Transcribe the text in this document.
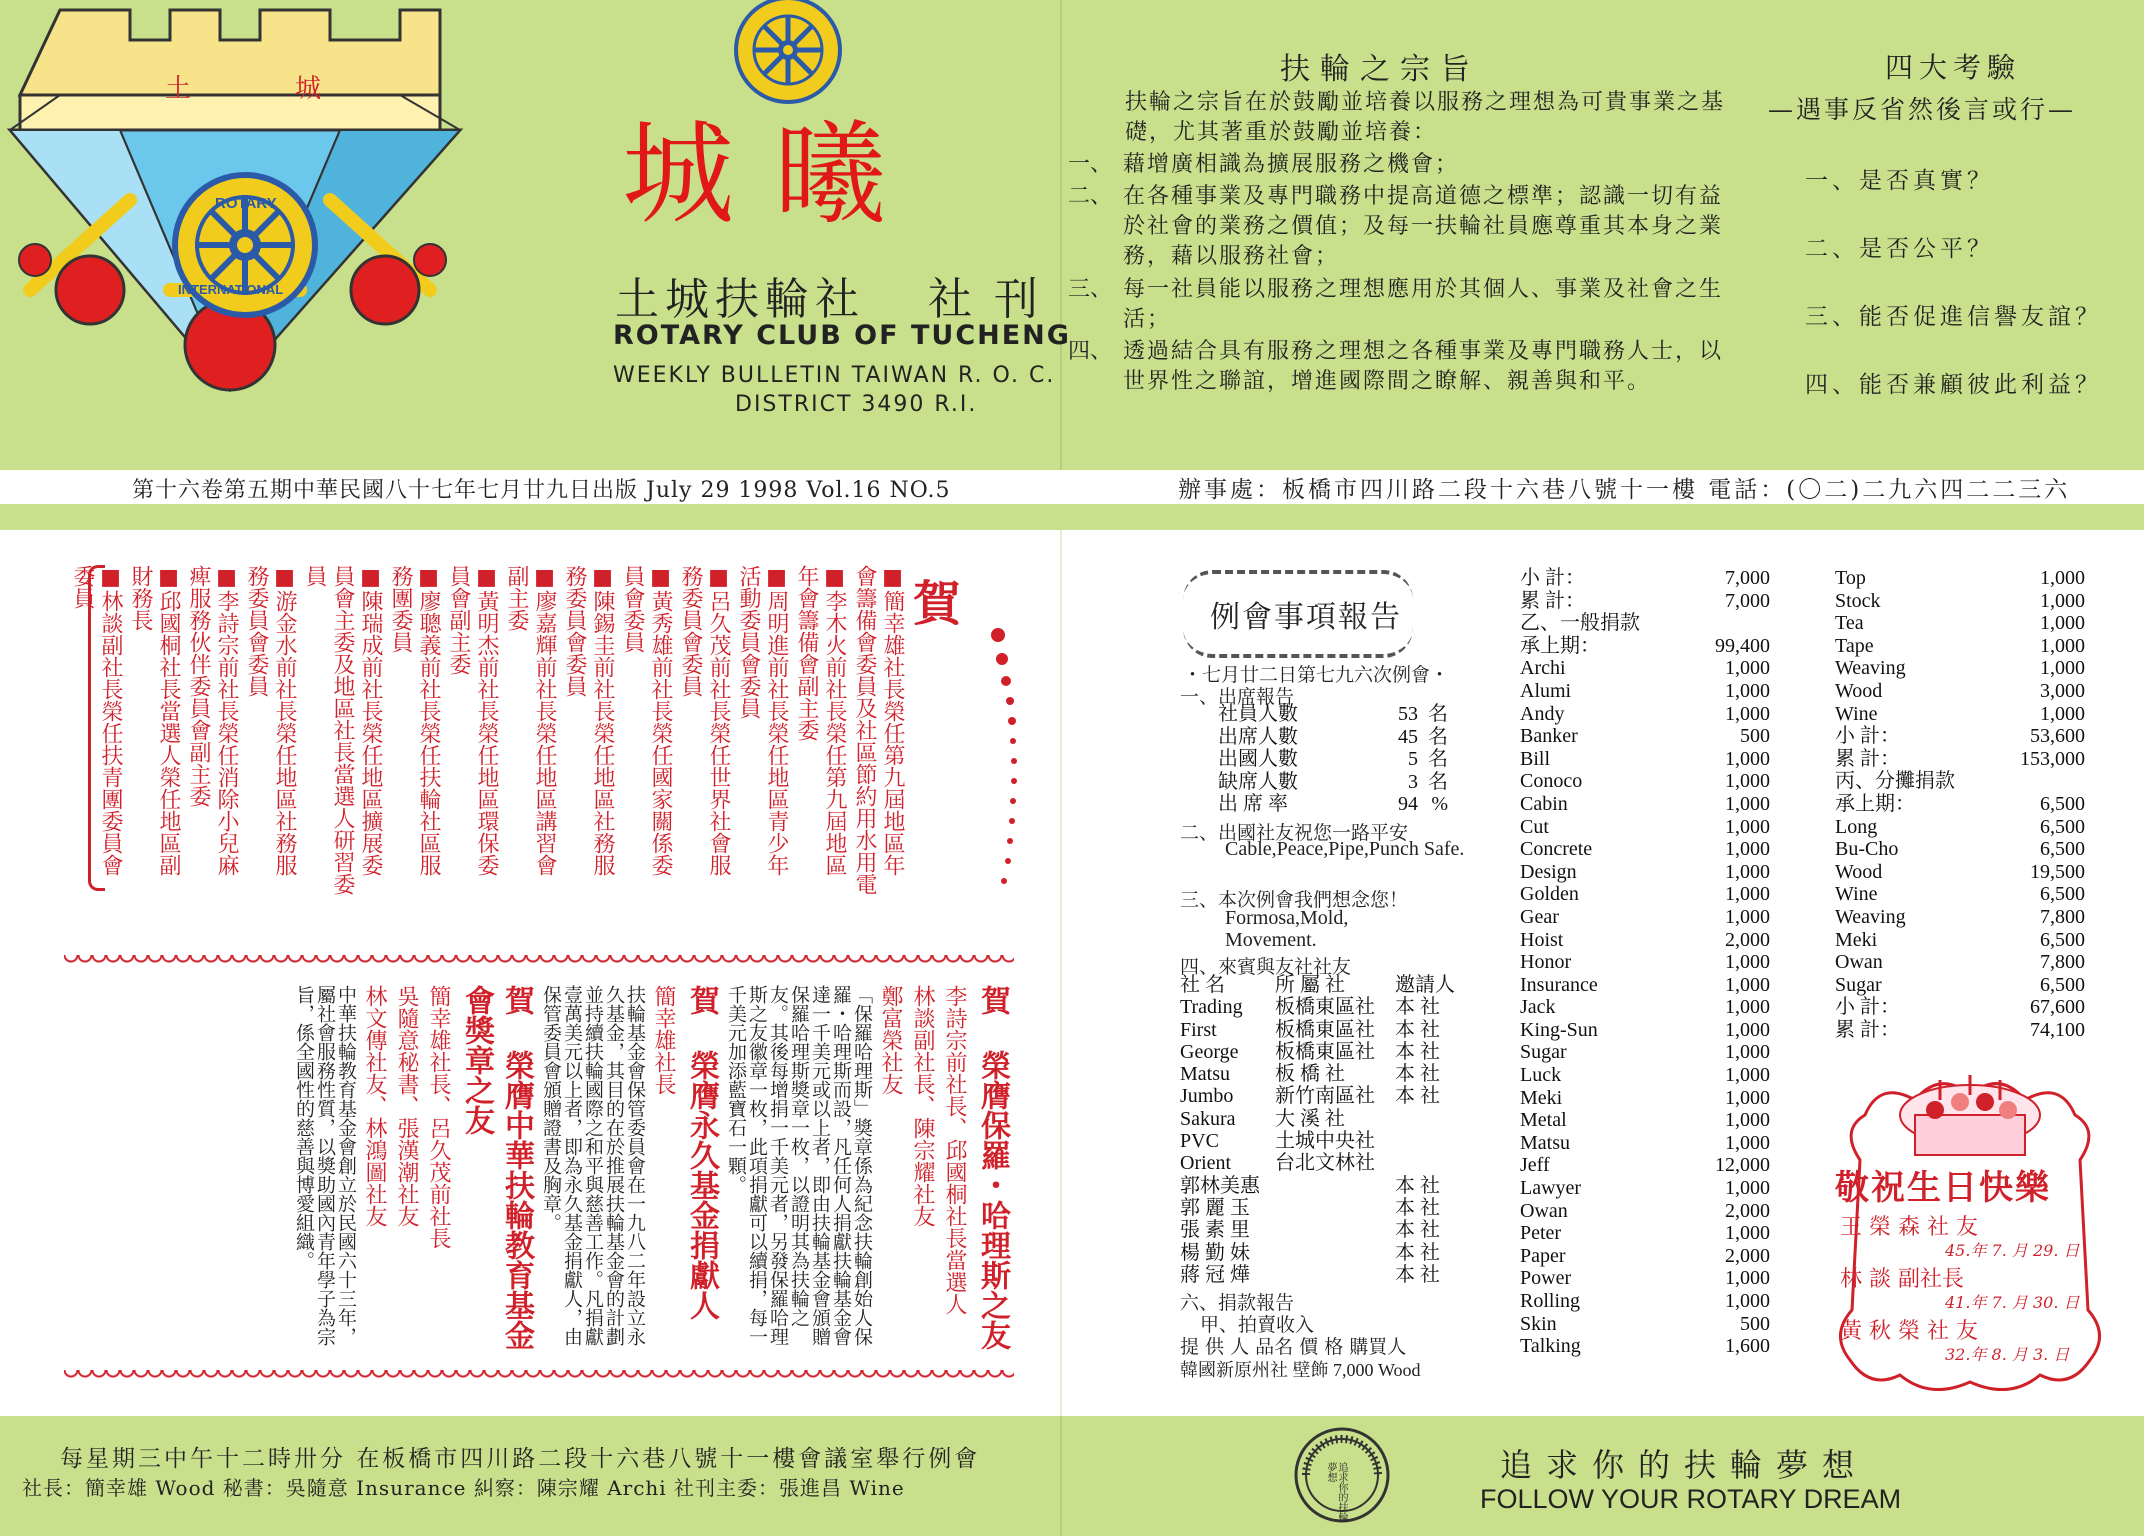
土	城
ROTARY
INTERNATIONAL
城曦
土城扶輪社 社刊
ROTARY CLUB OF TUCHENG
WEEKLY BULLETIN TAIWAN R. O. C.
DISTRICT 3490 R.I.
扶輪之宗旨
扶輪之宗旨在於鼓勵並培養以服務之理想為可貴事業之基礎，尤其著重於鼓勵並培養：
一、 藉增廣相識為擴展服務之機會；
二、 在各種事業及專門職務中提高道德之標準；認識一切有益於社會的業務之價值；及每一扶輪社員應尊重其本身之業務，藉以服務社會；
三、 每一社員能以服務之理想應用於其個人、事業及社會之生活；
四、 透過結合具有服務之理想之各種事業及專門職務人士，以世界性之聯誼，增進國際間之瞭解、親善與和平。
四大考驗
—遇事反省然後言或行—
一、是否真實？
二、是否公平？
三、能否促進信譽友誼？
四、能否兼顧彼此利益？
第十六卷第五期中華民國八十七年七月廿九日出版 July 29 1998 Vol.16 NO.5	辦事處：板橋市四川路二段十六巷八號十一樓 電話：(〇二)二九六四二二三六
賀
■簡幸雄社長榮任第九屆地區年會籌備會委員及社區節約用水用電
■李木火前社長榮任第九屆地區年會籌備會副主委
■周明進前社長榮任地區青少年活動委員會委員
■呂久茂前社長榮任世界社會服務委員會委員
■黃秀雄前社長榮任國家關係委員會委員
■陳錫圭前社長榮任地區社務服務委員會委員
■廖嘉輝前社長榮任地區講習會副主委
■黃明杰前社長榮任地區環保委員會副主委
■廖聰義前社長榮任扶輪社區服務團委員
■陳瑞成前社長榮任地區擴展委員會主委及地區社長當選人研習委員
■游金水前社長榮任地區社務服務委員會委員
■李詩宗前社長榮任消除小兒麻痺服務伙伴委員會副主委
■邱國桐社長當選人榮任地區副財務長
■林談副社長榮任扶青團委員會委員
賀 榮膺保羅・哈理斯之友
李詩宗前社長、邱國桐社長當選人
林談副社長、陳宗耀社友
鄭富榮社友
「保羅哈理斯」獎章係為紀念扶輪創始人保羅・哈理斯而設，凡任何人捐獻扶輪基金會達一千美元或以上者，即由扶輪基金會頒贈保羅哈理斯獎章一枚，以證明其為扶輪之友。其後每增捐一千美元者，另發保羅哈理斯之友徽章一枚，此項捐獻可以續捐，每一千美元加添藍寶石一顆。
賀 榮膺永久基金捐獻人
簡幸雄社長
扶輪基金會保管委員會在一九八二年設立永久基金，其目的在於推展扶輪基金會的計劃並持續扶輪國際之和平與慈善工作。凡捐獻壹萬美元以上者，即為永久基金捐獻人，由保管委員會頒贈證書及胸章。
賀 榮膺中華扶輪教育基金會獎章之友
簡幸雄社長、呂久茂前社長
吳隨意秘書、張漢潮社友
林文傳社友、林鴻圖社友
中華扶輪教育基金會創立於民國六十三年，屬社會服務性質，以獎助國內青年學子為宗旨，係全國性的慈善與博愛組織。
例會事項報告
・七月廿二日第七九六次例會・
一、出席報告
社員人數	53 名
出席人數	45 名
出國人數	5 名
缺席人數	3 名
出 席 率	94 %
二、出國社友祝您一路平安
Cable,Peace,Pipe,Punch Safe.
三、本次例會我們想念您！
Formosa,Mold, Movement.
四、來賓與友社社友
社 名	所 屬 社	邀請人
Trading	板橋東區社	本 社
First	板橋東區社	本 社
George	板橋東區社	本 社
Matsu	板 橋 社	本 社
Jumbo	新竹南區社	本 社
Sakura	大 溪 社
PVC	土城中央社
Orient	台北文林社
郭林美惠	本 社
郭 麗 玉	本 社
張 素 里	本 社
楊 勤 妹	本 社
蔣 冠 燁	本 社
六、捐款報告
甲、拍賣收入
提 供 人 品名 價 格 購買人
韓國新原州社 壁飾 7,000 Wood
小 計：	7,000
累 計：	7,000
乙、一般捐款
承上期：	99,400
Archi	1,000
Alumi	1,000
Andy	1,000
Banker	500
Bill	1,000
Conoco	1,000
Cabin	1,000
Cut	1,000
Concrete	1,000
Design	1,000
Golden	1,000
Gear	1,000
Hoist	2,000
Honor	1,000
Insurance	1,000
Jack	1,000
King-Sun	1,000
Sugar	1,000
Luck	1,000
Meki	1,000
Metal	1,000
Matsu	1,000
Jeff	12,000
Lawyer	1,000
Owan	2,000
Peter	1,000
Paper	2,000
Power	1,000
Rolling	1,000
Skin	500
Talking	1,600
Top	1,000
Stock	1,000
Tea	1,000
Tape	1,000
Weaving	1,000
Wood	3,000
Wine	1,000
小 計：	53,600
累 計：	153,000
丙、分攤捐款
承上期：	6,500
Long	6,500
Bu-Cho	6,500
Wood	19,500
Wine	6,500
Weaving	7,800
Meki	6,500
Owan	7,800
Sugar	6,500
小 計：	67,600
累 計：	74,100
敬祝生日快樂
王 榮 森 社 友
45.年 7. 月 29. 日
林 談 副社長
41.年 7. 月 30. 日
黃 秋 榮 社 友
32.年 8. 月 3. 日
每星期三中午十二時卅分 在板橋市四川路二段十六巷八號十一樓會議室舉行例會
社長：簡幸雄 Wood 秘書：吳隨意 Insurance 糾察：陳宗耀 Archi 社刊主委：張進昌 Wine	追求你的扶輪夢想	追求你的扶輪夢想
FOLLOW YOUR ROTARY DREAM
